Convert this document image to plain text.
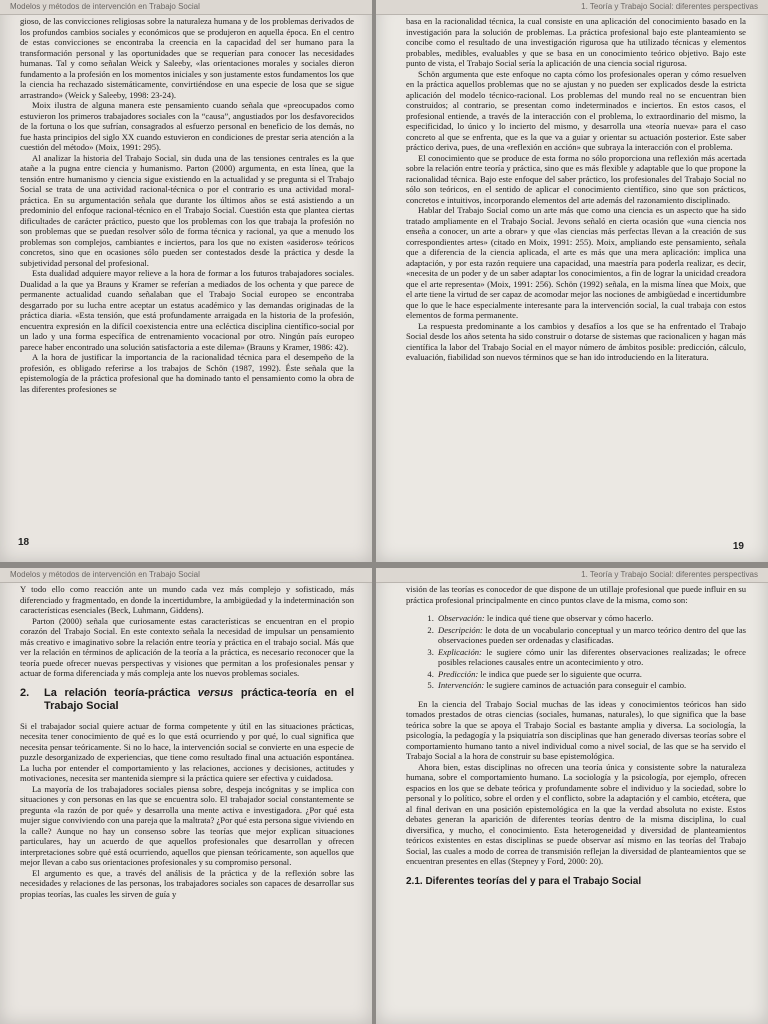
Modelos y métodos de intervención en Trabajo Social

gioso, de las convicciones religiosas sobre la naturaleza humana y de los problemas derivados de los profundos cambios sociales y económicos que se produjeron en aquella época. En el centro de estas convicciones se encontraba la creencia en la capacidad del ser humano para la transformación personal y las oportunidades que se requerían para conocer las necesidades humanas. Tal y como señalan Weick y Saleeby, «las orientaciones morales y sociales dieron fundamento a la profesión en los momentos iniciales y son justamente estos fundamentos los que la ciencia ha rechazado sistemáticamente, convirtiéndose en una especie de losa que se sigue arrastrando» (Weick y Saleeby, 1998: 23-24).

Moix ilustra de alguna manera este pensamiento cuando señala que «preocupados como estuvieron los primeros trabajadores sociales con la “causa”, angustiados por los desfavorecidos de la fortuna o los que sufrían, consagrados al esfuerzo personal en beneficio de los demás, no fue hasta principios del siglo XX cuando estuvieron en condiciones de prestar seria atención a la cuestión del método» (Moix, 1991: 295).

Al analizar la historia del Trabajo Social, sin duda una de las tensiones centrales es la que atañe a la pugna entre ciencia y humanismo. Parton (2000) argumenta, en esta línea, que la tensión entre humanismo y ciencia sigue existiendo en la actualidad y se pregunta si el Trabajo Social se trata de una actividad racional-técnica o por el contrario es una actividad moral-práctica. En su argumentación señala que durante los últimos años se está asistiendo a un predominio del enfoque racional-técnico en el Trabajo Social. Cuestión esta que plantea ciertas dificultades de carácter práctico, puesto que los problemas con los que trabaja la profesión no son problemas que se puedan resolver sólo de forma técnica y racional, ya que a menudo los problemas son complejos, cambiantes e inciertos, para los que no existen «asideros» teóricos concretos, sino que en ocasiones sólo pueden ser contestados desde la práctica y desde la subjetividad personal del profesional.

Esta dualidad adquiere mayor relieve a la hora de formar a los futuros trabajadores sociales. Dualidad a la que ya Brauns y Kramer se referían a mediados de los ochenta y que parece de permanente actualidad cuando señalaban que el Trabajo Social europeo se encontraba desgarrado por su lucha entre aceptar un estatus académico y las demandas originadas de la práctica diaria. «Esta tensión, que está profundamente arraigada en la historia de la profesión, encuentra expresión en la difícil coexistencia entre una ecléctica disciplina científico-social por un lado y una forma específica de entrenamiento vocacional por otro. Ningún país europeo parece haber encontrado una solución satisfactoria a este dilema» (Brauns y Kramer, 1986: 42).

A la hora de justificar la importancia de la racionalidad técnica para el desempeño de la profesión, es obligado referirse a los trabajos de Schön (1987, 1992). Éste señala que la epistemología de la práctica profesional que ha dominado tanto el pensamiento como la obra de las diferentes profesiones se

18
1. Teoría y Trabajo Social: diferentes perspectivas

basa en la racionalidad técnica, la cual consiste en una aplicación del conocimiento basado en la investigación para la solución de problemas. La práctica profesional bajo este planteamiento se concibe como el resultado de una investigación rigurosa que ha utilizado técnicas y elementos probables, medibles, evaluables y que se basa en un conocimiento teórico objetivo. Bajo este punto de vista, el Trabajo Social sería la aplicación de una ciencia social rigurosa.

Schön argumenta que este enfoque no capta cómo los profesionales operan y cómo resuelven en la práctica aquellos problemas que no se ajustan y no pueden ser explicados desde la estricta aplicación del modelo técnico-racional. Los problemas del mundo real no se encuentran bien construidos; al contrario, se presentan como indeterminados e inciertos. En estos casos, el profesional entiende, a través de la interacción con el problema, lo extraordinario del mismo, la especificidad, lo único y lo incierto del mismo, y desarrolla una «teoría nueva» para el caso concreto al que se enfrenta, que es la que va a guiar y orientar su actuación posterior. Este saber práctico deriva, pues, de una «reflexión en acción» que subraya la interacción con el problema.

El conocimiento que se produce de esta forma no sólo proporciona una reflexión más acertada sobre la relación entre teoría y práctica, sino que es más flexible y adaptable que lo que propone la racionalidad técnica. Bajo este enfoque del saber práctico, los profesionales del Trabajo Social no sólo son teóricos, en el sentido de aplicar el conocimiento científico, sino que son prácticos, concretos e intuitivos, incorporando elementos del arte además del razonamiento disciplinado.

Hablar del Trabajo Social como un arte más que como una ciencia es un aspecto que ha sido tratado ampliamente en el Trabajo Social. Jevons señaló en cierta ocasión que «una ciencia nos enseña a conocer, un arte a obrar» y que «las ciencias más perfectas llevan a la creación de sus correspondientes artes» (citado en Moix, 1991: 255). Moix, ampliando este pensamiento, señala que a diferencia de la ciencia aplicada, el arte es más que una mera aplicación: implica una adaptación, y por esta razón requiere una capacidad, una maestría para poderla realizar, es decir, «necesita de un poder y de un saber adaptar los conocimientos, a fin de lograr la unicidad creadora que el arte representa» (Moix, 1991: 256). Schön (1992) señala, en la misma línea que Moix, que el arte tiene la virtud de ser capaz de acomodar mejor las nociones de ambigüedad e incertidumbre que lo que le hace especialmente interesante para la intervención social, la cual trabaja con estos elementos de forma permanente.

La respuesta predominante a los cambios y desafíos a los que se ha enfrentado el Trabajo Social desde los años setenta ha sido construir o dotarse de sistemas que racionalicen y hagan más científica la labor del Trabajo Social en el mayor número de ámbitos posible: predicción, cálculo, evaluación, fiabilidad son nuevos términos que se han ido introduciendo en la literatura.

19
Modelos y métodos de intervención en Trabajo Social

Y todo ello como reacción ante un mundo cada vez más complejo y sofisticado, más diferenciado y fragmentado, en donde la incertidumbre, la ambigüedad y la indeterminación son características esenciales (Beck, Luhmann, Giddens).

Parton (2000) señala que curiosamente estas características se encuentran en el propio corazón del Trabajo Social. En este contexto señala la necesidad de impulsar un pensamiento más creativo e imaginativo sobre la relación entre teoría y práctica en el trabajo social. Más que ver la relación en términos de aplicación de la teoría a la práctica, es necesario reconocer que la teoría puede ofrecer nuevas perspectivas y visiones que permitan a los profesionales pensar y actuar de forma diferenciada y más compleja ante los nuevos problemas sociales.

2. La relación teoría-práctica versus práctica-teoría en el Trabajo Social

Si el trabajador social quiere actuar de forma competente y útil en las situaciones prácticas, necesita tener conocimiento de qué es lo que está ocurriendo y por qué, lo cual significa que necesita pensar teóricamente. Si no lo hace, la intervención social se convierte en una especie de puzzle desorganizado de experiencias, que tiene como resultado final una actuación espontánea. La lucha por entender el comportamiento y las relaciones, acciones y decisiones, actitudes y motivaciones, necesita ser mantenida siempre si la práctica quiere ser efectiva y cuidadosa.

La mayoría de los trabajadores sociales piensa sobre, despeja incógnitas y se implica con situaciones y con personas en las que se encuentra solo. El trabajador social constantemente se pregunta «la razón de por qué» y desarrolla una mente activa e investigadora. ¿Por qué esta mujer sigue conviviendo con una pareja que la maltrata? ¿Por qué esta persona sigue viviendo en la calle? Aunque no hay un consenso sobre las teorías que mejor explican situaciones particulares, hay un acuerdo de que aquellos profesionales que desarrollan y ofrecen interpretaciones sobre qué está ocurriendo, aquellos que piensan teóricamente, son aquellos que mejor llevan a cabo sus orientaciones profesionales y su compromiso personal.

El argumento es que, a través del análisis de la práctica y de la reflexión sobre las necesidades y relaciones de las personas, los trabajadores sociales son capaces de desarrollar sus propias teorías, las cuales les sirven de guía y

1. Teoría y Trabajo Social: diferentes perspectivas

visión de las teorías es conocedor de que dispone de un utillaje profesional que puede influir en su práctica profesional principalmente en cinco puntos clave de la misma, como son:

1. Observación: le indica qué tiene que observar y cómo hacerlo.
2. Descripción: le dota de un vocabulario conceptual y un marco teórico dentro del que las observaciones pueden ser ordenadas y clasificadas.
3. Explicación: le sugiere cómo unir las diferentes observaciones realizadas; le ofrece posibles relaciones causales entre un acontecimiento y otro.
4. Predicción: le indica que puede ser lo siguiente que ocurra.
5. Intervención: le sugiere caminos de actuación para conseguir el cambio.

En la ciencia del Trabajo Social muchas de las ideas y conocimientos teóricos han sido tomados prestados de otras ciencias (sociales, humanas, naturales), lo que significa que la base teórica sobre la que se apoya el Trabajo Social es bastante amplia y diversa. La sociología, la psicología, la pedagogía y la psiquiatría son disciplinas que han generado diversas teorías sobre el comportamiento humano tanto a nivel individual como a nivel social, de las que se ha servido el Trabajo Social a la hora de construir su base epistemológica.

Ahora bien, estas disciplinas no ofrecen una teoría única y consistente sobre la naturaleza humana, sobre el comportamiento humano. La sociología y la psicología, por ejemplo, ofrecen espacios en los que se debate teórica y profundamente sobre el individuo y la sociedad, sobre lo personal y lo político, sobre el orden y el conflicto, sobre la adaptación y el cambio, etcétera, que al final derivan en una posición epistemológica en la que la verdad absoluta no existe. Estos debates generan la aparición de diferentes teorías dentro de la misma disciplina, lo cual diversifica, y mucho, el conocimiento. Esta heterogeneidad y diversidad de planteamientos teóricos existentes en estas disciplinas se puede observar así mismo en las teorías del Trabajo Social, las cuales a modo de correa de transmisión reflejan la diversidad de planteamientos que se encuentran presentes en ellas (Stepney y Ford, 2000: 20).

2.1. Diferentes teorías del y para el Trabajo Social
